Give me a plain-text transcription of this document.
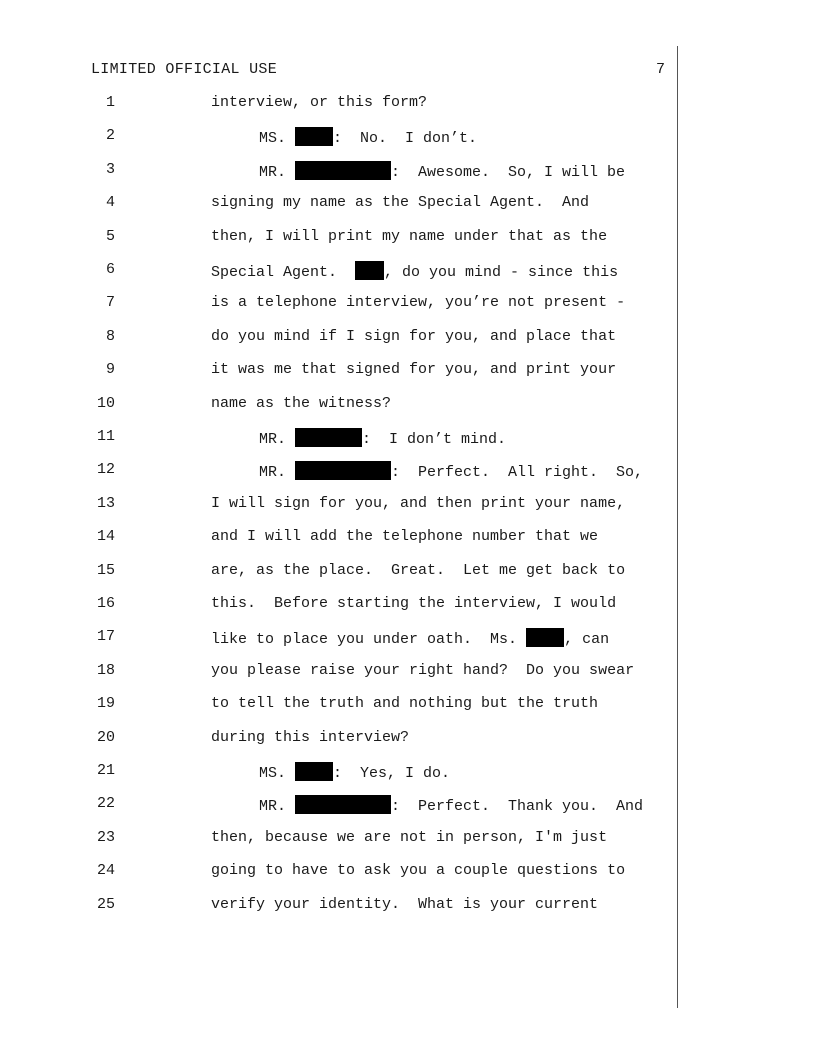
LIMITED OFFICIAL USE	7
1	interview, or this form?
2	MS.	:  No.  I don’t.
3	MR.	:  Awesome.  So, I will be
4	signing my name as the Special Agent.  And
5	then, I will print my name under that as the
6	Special Agent.  , do you mind - since this
7	is a telephone interview, you’re not present -
8	do you mind if I sign for you, and place that
9	it was me that signed for you, and print your
10	name as the witness?
11	MR.	:  I don’t mind.
12	MR.	:  Perfect.  All right.  So,
13	I will sign for you, and then print your name,
14	and I will add the telephone number that we
15	are, as the place.  Great.  Let me get back to
16	this.  Before starting the interview, I would
17	like to place you under oath.  Ms.	, can
18	you please raise your right hand?  Do you swear
19	to tell the truth and nothing but the truth
20	during this interview?
21	MS.	:  Yes, I do.
22	MR.	:  Perfect.  Thank you.  And
23	then, because we are not in person, I'm just
24	going to have to ask you a couple questions to
25	verify your identity.  What is your current
